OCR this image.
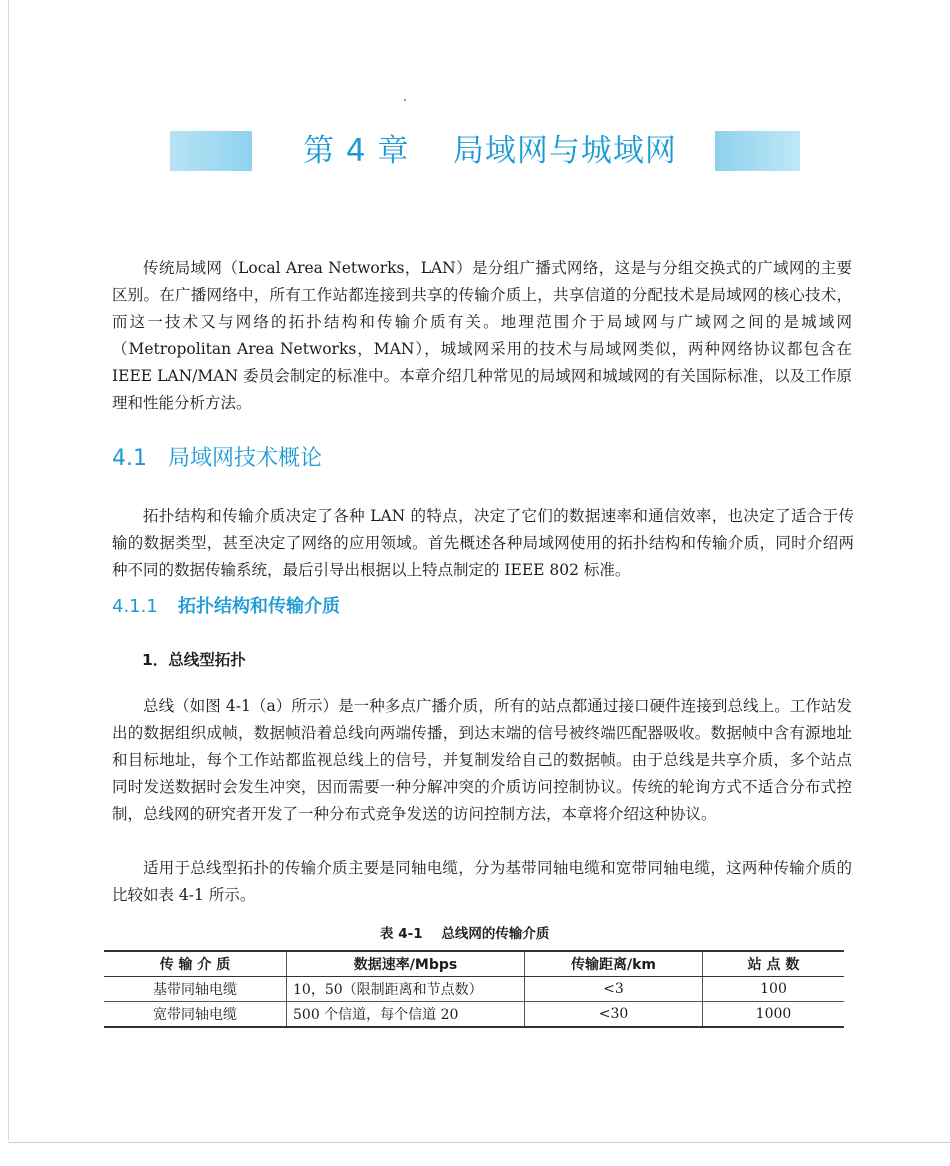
第 4 章    局域网与城域网

传统局域网（Local Area Networks，LAN）是分组广播式网络，这是与分组交换式的广域网的主要区别。在广播网络中，所有工作站都连接到共享的传输介质上，共享信道的分配技术是局域网的核心技术，而这一技术又与网络的拓扑结构和传输介质有关。地理范围介于局域网与广域网之间的是城域网（Metropolitan Area Networks，MAN），城域网采用的技术与局域网类似，两种网络协议都包含在 IEEE LAN/MAN 委员会制定的标准中。本章介绍几种常见的局域网和城域网的有关国际标准，以及工作原理和性能分析方法。

4.1 局域网技术概论

拓扑结构和传输介质决定了各种 LAN 的特点，决定了它们的数据速率和通信效率，也决定了适合于传输的数据类型，甚至决定了网络的应用领域。首先概述各种局域网使用的拓扑结构和传输介质，同时介绍两种不同的数据传输系统，最后引导出根据以上特点制定的 IEEE 802 标准。

4.1.1 拓扑结构和传输介质
1．总线型拓扑

总线（如图 4-1（a）所示）是一种多点广播介质，所有的站点都通过接口硬件连接到总线上。工作站发出的数据组织成帧，数据帧沿着总线向两端传播，到达末端的信号被终端匹配器吸收。数据帧中含有源地址和目标地址，每个工作站都监视总线上的信号，并复制发给自己的数据帧。由于总线是共享介质，多个站点同时发送数据时会发生冲突，因而需要一种分解冲突的介质访问控制协议。传统的轮询方式不适合分布式控制，总线网的研究者开发了一种分布式竞争发送的访问控制方法，本章将介绍这种协议。

适用于总线型拓扑的传输介质主要是同轴电缆，分为基带同轴电缆和宽带同轴电缆，这两种传输介质的比较如表 4-1 所示。

表 4-1    总线网的传输介质
传 输 介 质	数据速率/Mbps	传输距离/km	站 点 数
基带同轴电缆	10，50（限制距离和节点数）	<3	100
宽带同轴电缆	500 个信道，每个信道 20	<30	1000
